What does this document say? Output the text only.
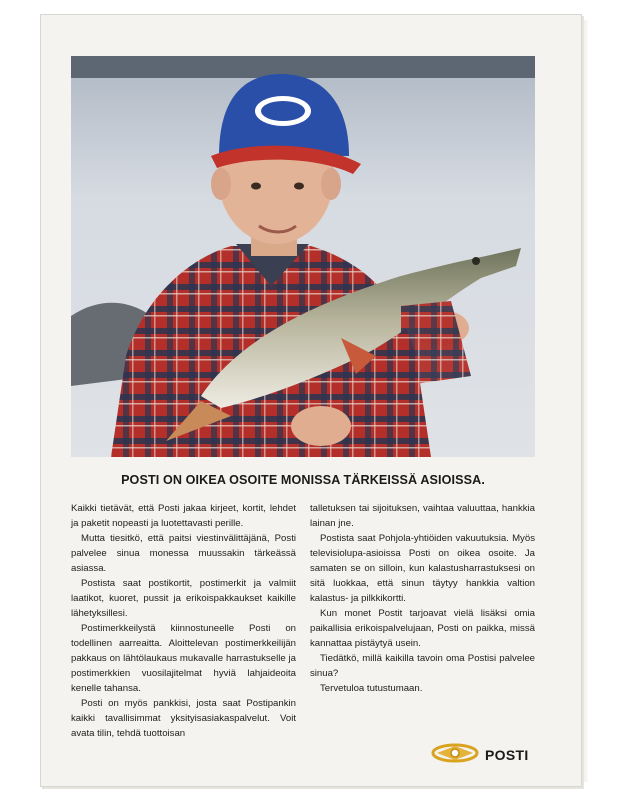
POSTI ON OIKEA OSOITE MONISSA TÄRKEISSÄ ASIOISSA.

Kaikki tietävät, että Posti jakaa kirjeet, kortit, lehdet ja paketit nopeasti ja luotettavasti perille.

Mutta tiesitkö, että paitsi viestinvälittäjänä, Posti palvelee sinua monessa muussakin tärkeässä asiassa.

Postista saat postikortit, postimerkit ja valmiit laatikot, kuoret, pussit ja erikoispakkaukset kaikille lähetyksillesi.

Postimerkkeilystä kiinnostuneelle Posti on todellinen aarreaitta. Aloittelevan postimerkkeilijän pakkaus on lähtölaukaus mukavalle harrastukselle ja postimerkkien vuosilajitelmat hyviä lahjaideoita kenelle tahansa.

Posti on myös pankkisi, josta saat Postipankin kaikki tavallisimmat yksityisasiakaspalvelut. Voit avata tilin, tehdä tuottoisan

talletuksen tai sijoituksen, vaihtaa valuuttaa, hankkia lainan jne.

Postista saat Pohjola-yhtiöiden vakuutuksia. Myös televisiolupa-asioissa Posti on oikea osoite. Ja samaten se on silloin, kun kalastusharrastuksesi on sitä luokkaa, että sinun täytyy hankkia valtion kalastus- ja pilkkikortti.

Kun monet Postit tarjoavat vielä lisäksi omia paikallisia erikoispalvelujaan, Posti on paikka, missä kannattaa pistäytyä usein.

Tiedätkö, millä kaikilla tavoin oma Postisi palvelee sinua?

Tervetuloa tutustumaan.

POSTI
